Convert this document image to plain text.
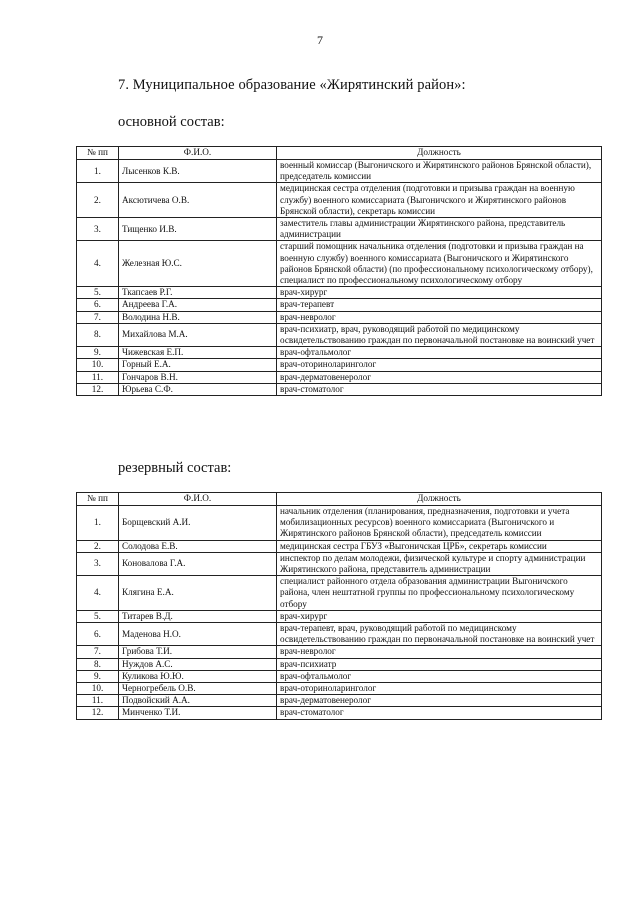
7
7. Муниципальное образование «Жирятинский район»:
основной состав:
№ пп	Ф.И.О.	Должность
1.	Лысенков К.В.	военный комиссар (Выгоничского и Жирятинского районов Брянской области), председатель комиссии
2.	Аксютичева О.В.	медицинская сестра отделения (подготовки и призыва граждан на военную службу) военного комиссариата (Выгоничского и Жирятинского районов Брянской области), секретарь комиссии
3.	Тищенко И.В.	заместитель главы администрации Жирятинского района, представитель администрации
4.	Железная Ю.С.	старший помощник начальника отделения (подготовки и призыва граждан на военную службу) военного комиссариата (Выгоничского и Жирятинского районов Брянской области) (по профессиональному психологическому отбору), специалист по профессиональному психологическому отбору
5.	Ткапсаев Р.Г.	врач-хирург
6.	Андреева Г.А.	врач-терапевт
7.	Володина Н.В.	врач-невролог
8.	Михайлова М.А.	врач-психиатр, врач, руководящий работой по медицинскому освидетельствованию граждан по первоначальной постановке на воинский учет
9.	Чижевская Е.П.	врач-офтальмолог
10.	Горный Е.А.	врач-оториноларинголог
11.	Гончаров В.Н.	врач-дерматовенеролог
12.	Юрьева С.Ф.	врач-стоматолог
резервный состав:
№ пп	Ф.И.О.	Должность
1.	Борщевский А.И.	начальник отделения (планирования, предназначения, подготовки и учета мобилизационных ресурсов) военного комиссариата (Выгоничского и Жирятинского районов Брянской области), председатель комиссии
2.	Солодова Е.В.	медицинская сестра ГБУЗ «Выгоничская ЦРБ», секретарь комиссии
3.	Коновалова Г.А.	инспектор по делам молодежи, физической культуре и спорту администрации Жирятинского района, представитель администрации
4.	Клягина Е.А.	специалист районного отдела образования администрации Выгоничского района, член нештатной группы по профессиональному психологическому отбору
5.	Титарев В.Д.	врач-хирург
6.	Маденова Н.О.	врач-терапевт, врач, руководящий работой по медицинскому освидетельствованию граждан по первоначальной постановке на воинский учет
7.	Грибова Т.И.	врач-невролог
8.	Нуждов А.С.	врач-психиатр
9.	Куликова Ю.Ю.	врач-офтальмолог
10.	Черногребель О.В.	врач-оториноларинголог
11.	Подвойский А.А.	врач-дерматовенеролог
12.	Минченко Т.И.	врач-стоматолог
